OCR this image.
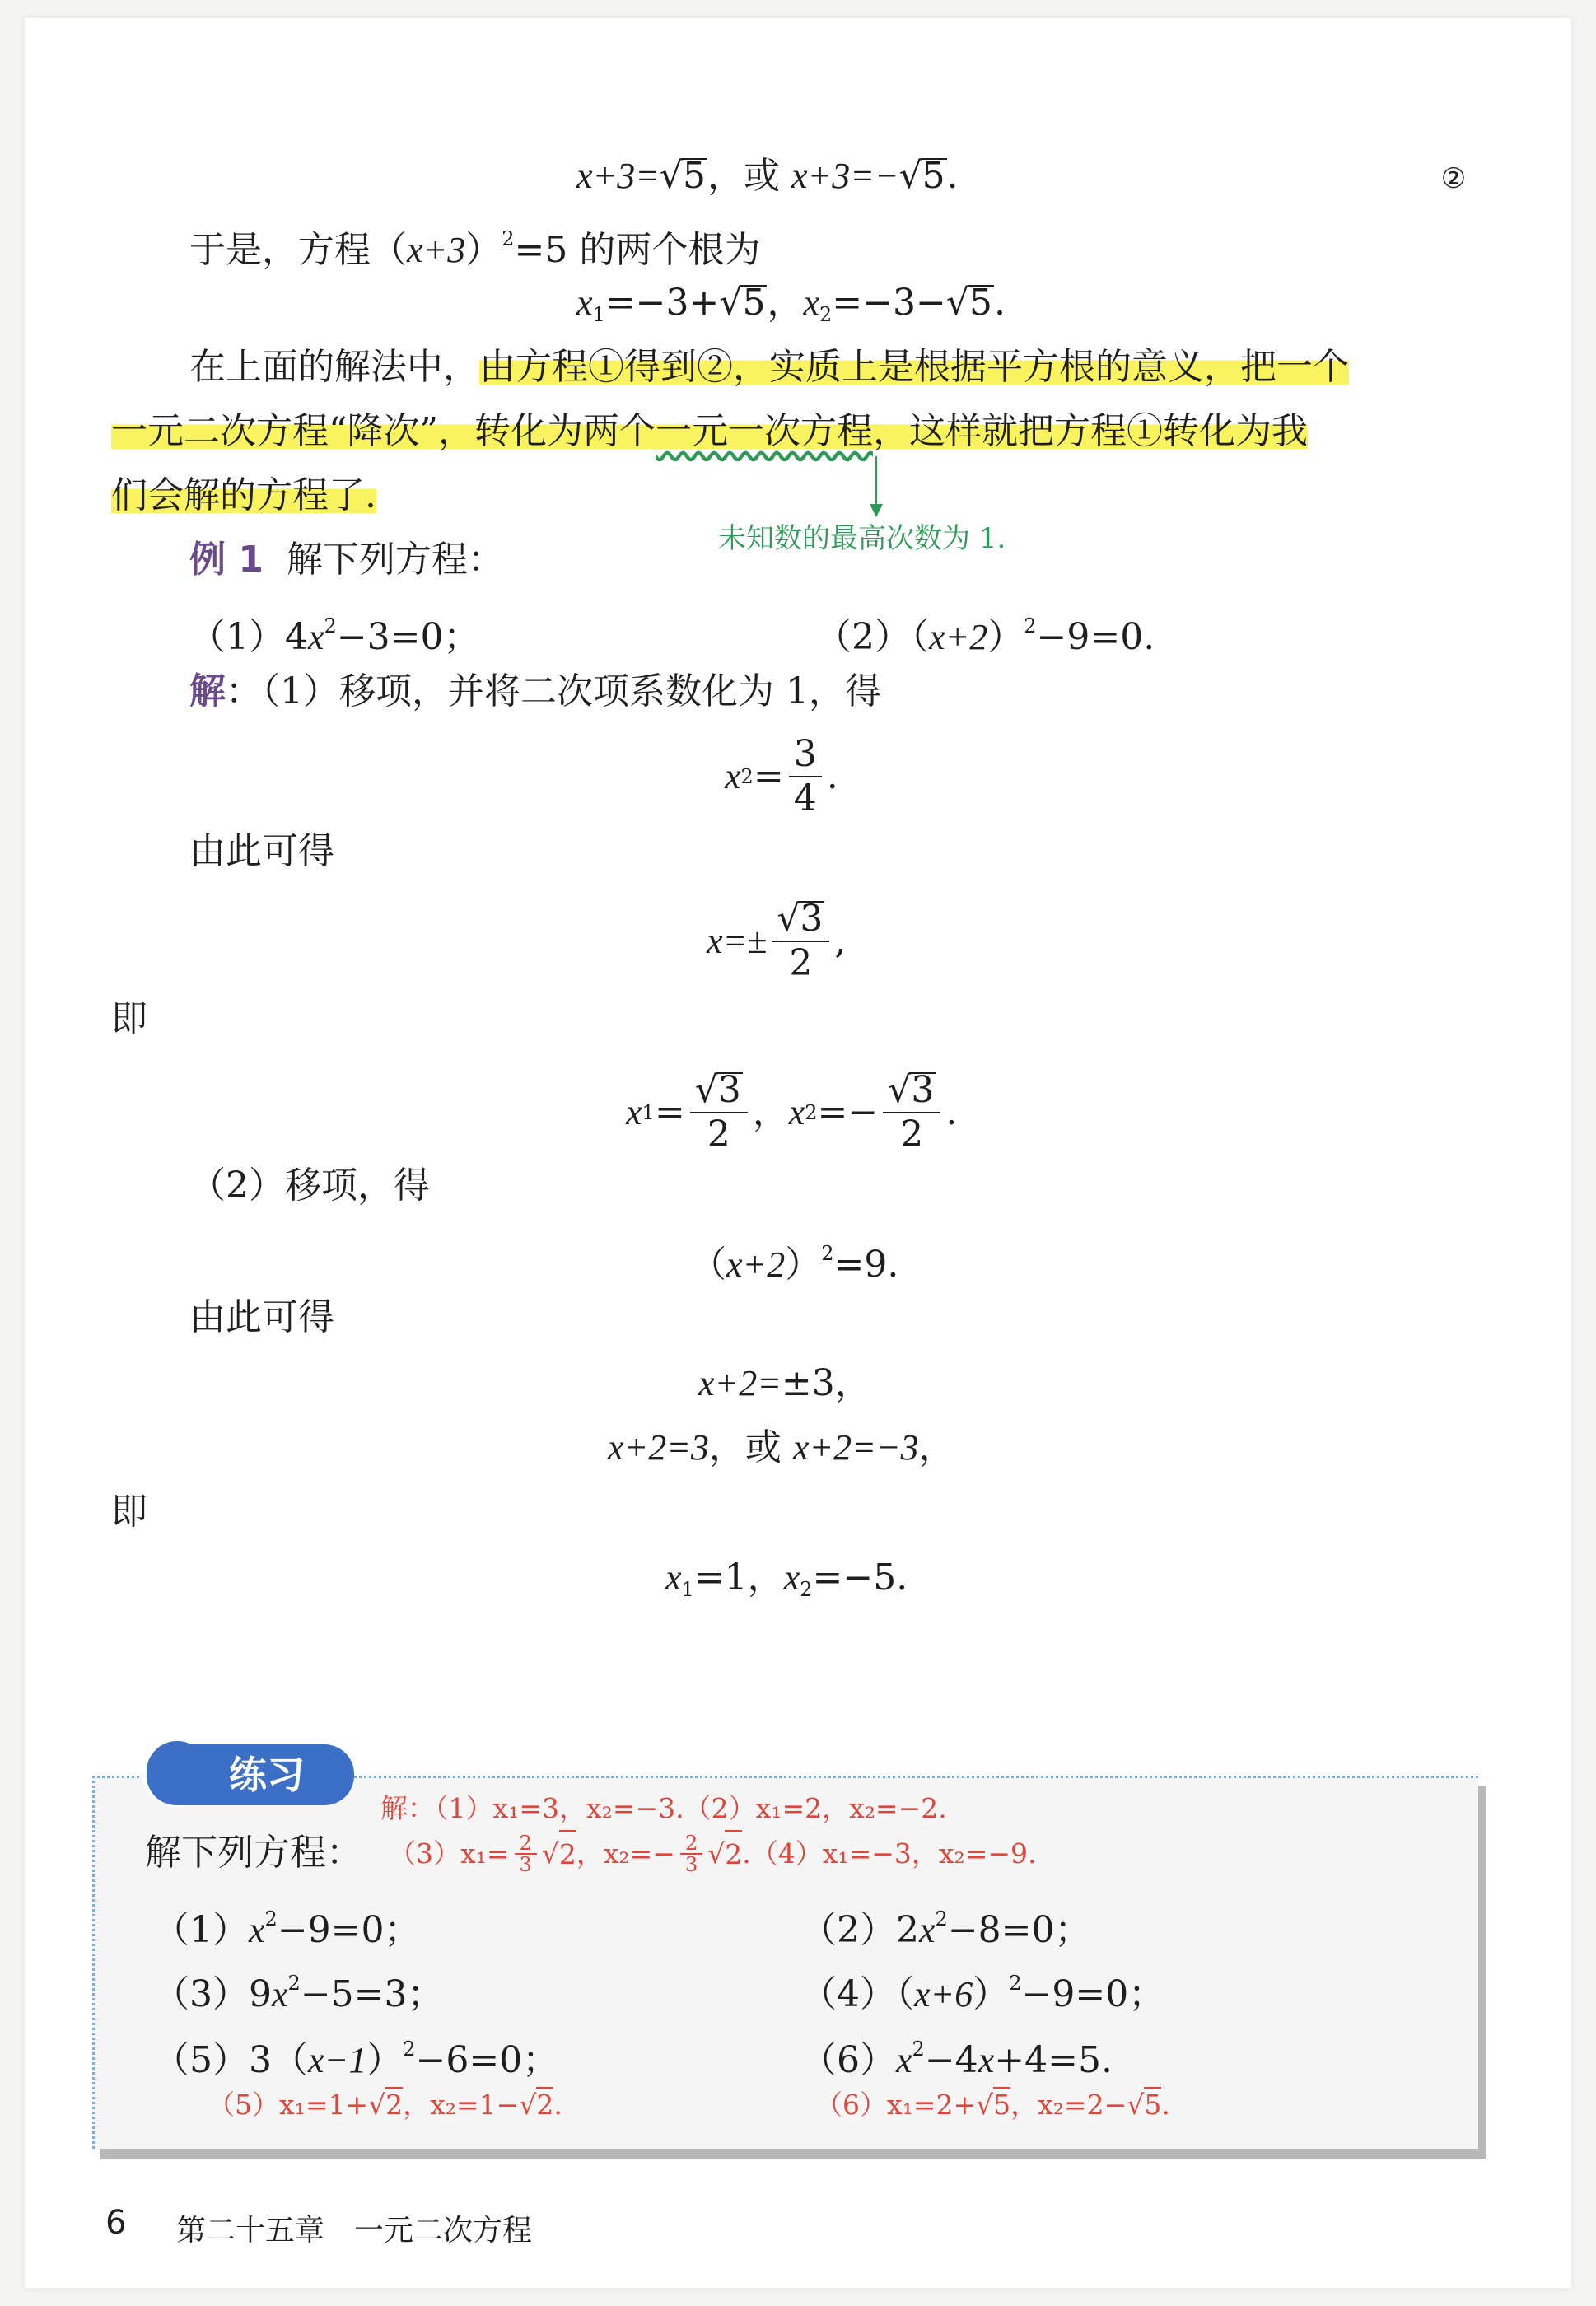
x+3=√5，或 x+3=−√5.	②
于是，方程$(x+3)^2=5$ 的两个根为
$x_1=-3+√5$，$x_2=-3-√5$.
在上面的解法中，由方程①得到②，实质上是根据平方根的意义，把一个
一元二次方程“降次”，转化为两个一元一次方程，这样就把方程①转化为我
们会解的方程了.
未知数的最高次数为 1.
例 1 解下列方程：
$(1)4x^2-3=0$；	$(2)(x+2)^2-9=0$.
解：（1）移项，并将二次项系数化为 1，得
x $2 = \frac{3}{4}$ .
由此可得
$x=\pm \frac{√3}{2}$ ,
即
x $1 = \frac{√3}{2}$ ， x $2 =- \frac{√3}{2}$ .
（2）移项，得
$(x+2)^2=9$.
由此可得
x+2=±3，
x+2=3，或 x+2=−3，
即
$x_1=1$，$x_2=-5$.
练习
解：（1）x₁=3，x₂=−3.（2）x₁=2，x₂=−2.
$(3)x_1= \frac{2}{3}$ √ 2 ，$x_2=- \frac{2}{3}$ √ 2 .（4）x₁=−3，x₂=−9.
解下列方程：
$(1)x^2-9=0$；	$(2)2x^2-8=0$；
$(3)9x^2-5=3$；	$(4)(x+6)^2-9=0$；
$(5)3(x-1)^2-6=0$；	$(6)x^2-4x+4=5$.
（5）x₁=1+√2，x₂=1−√2.	（6）x₁=2+√5，x₂=2−√5.
6 第二十五章　一元二次方程
